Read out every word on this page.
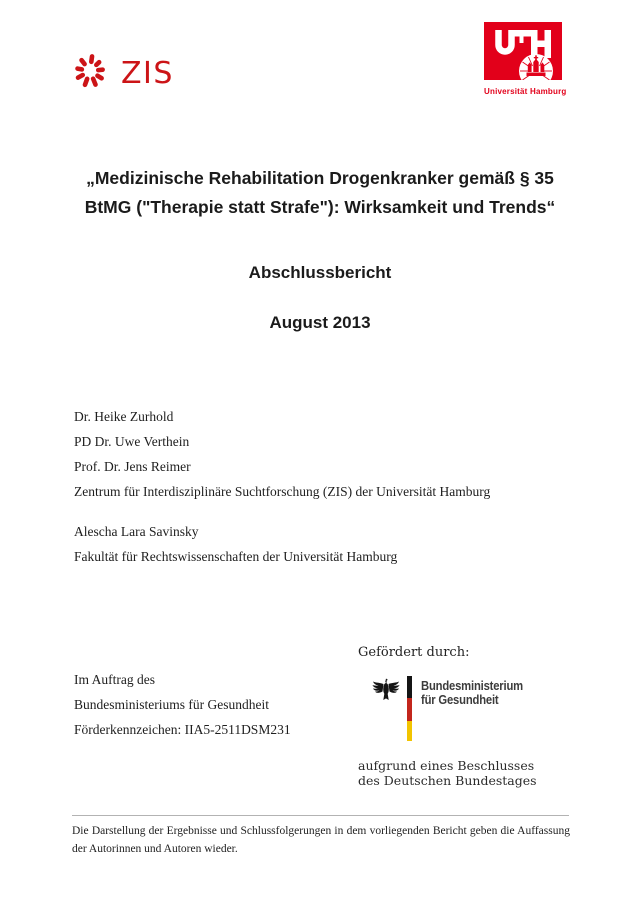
ZIS
Universität Hamburg
„Medizinische Rehabilitation Drogenkranker gemäß § 35
BtMG ("Therapie statt Strafe"): Wirksamkeit und Trends“
Abschlussbericht
August 2013
Dr. Heike Zurhold
PD Dr. Uwe Verthein
Prof. Dr. Jens Reimer
Zentrum für Interdisziplinäre Suchtforschung (ZIS) der Universität Hamburg
Alescha Lara Savinsky
Fakultät für Rechtswissenschaften der Universität Hamburg
Im Auftrag des
Bundesministeriums für Gesundheit
Förderkennzeichen: IIA5-2511DSM231
Gefördert durch:
Bundesministerium
für Gesundheit
aufgrund eines Beschlusses
des Deutschen Bundestages
Die Darstellung der Ergebnisse und Schlussfolgerungen in dem vorliegenden Bericht geben die Auffassung der Autorinnen und Autoren wieder.
